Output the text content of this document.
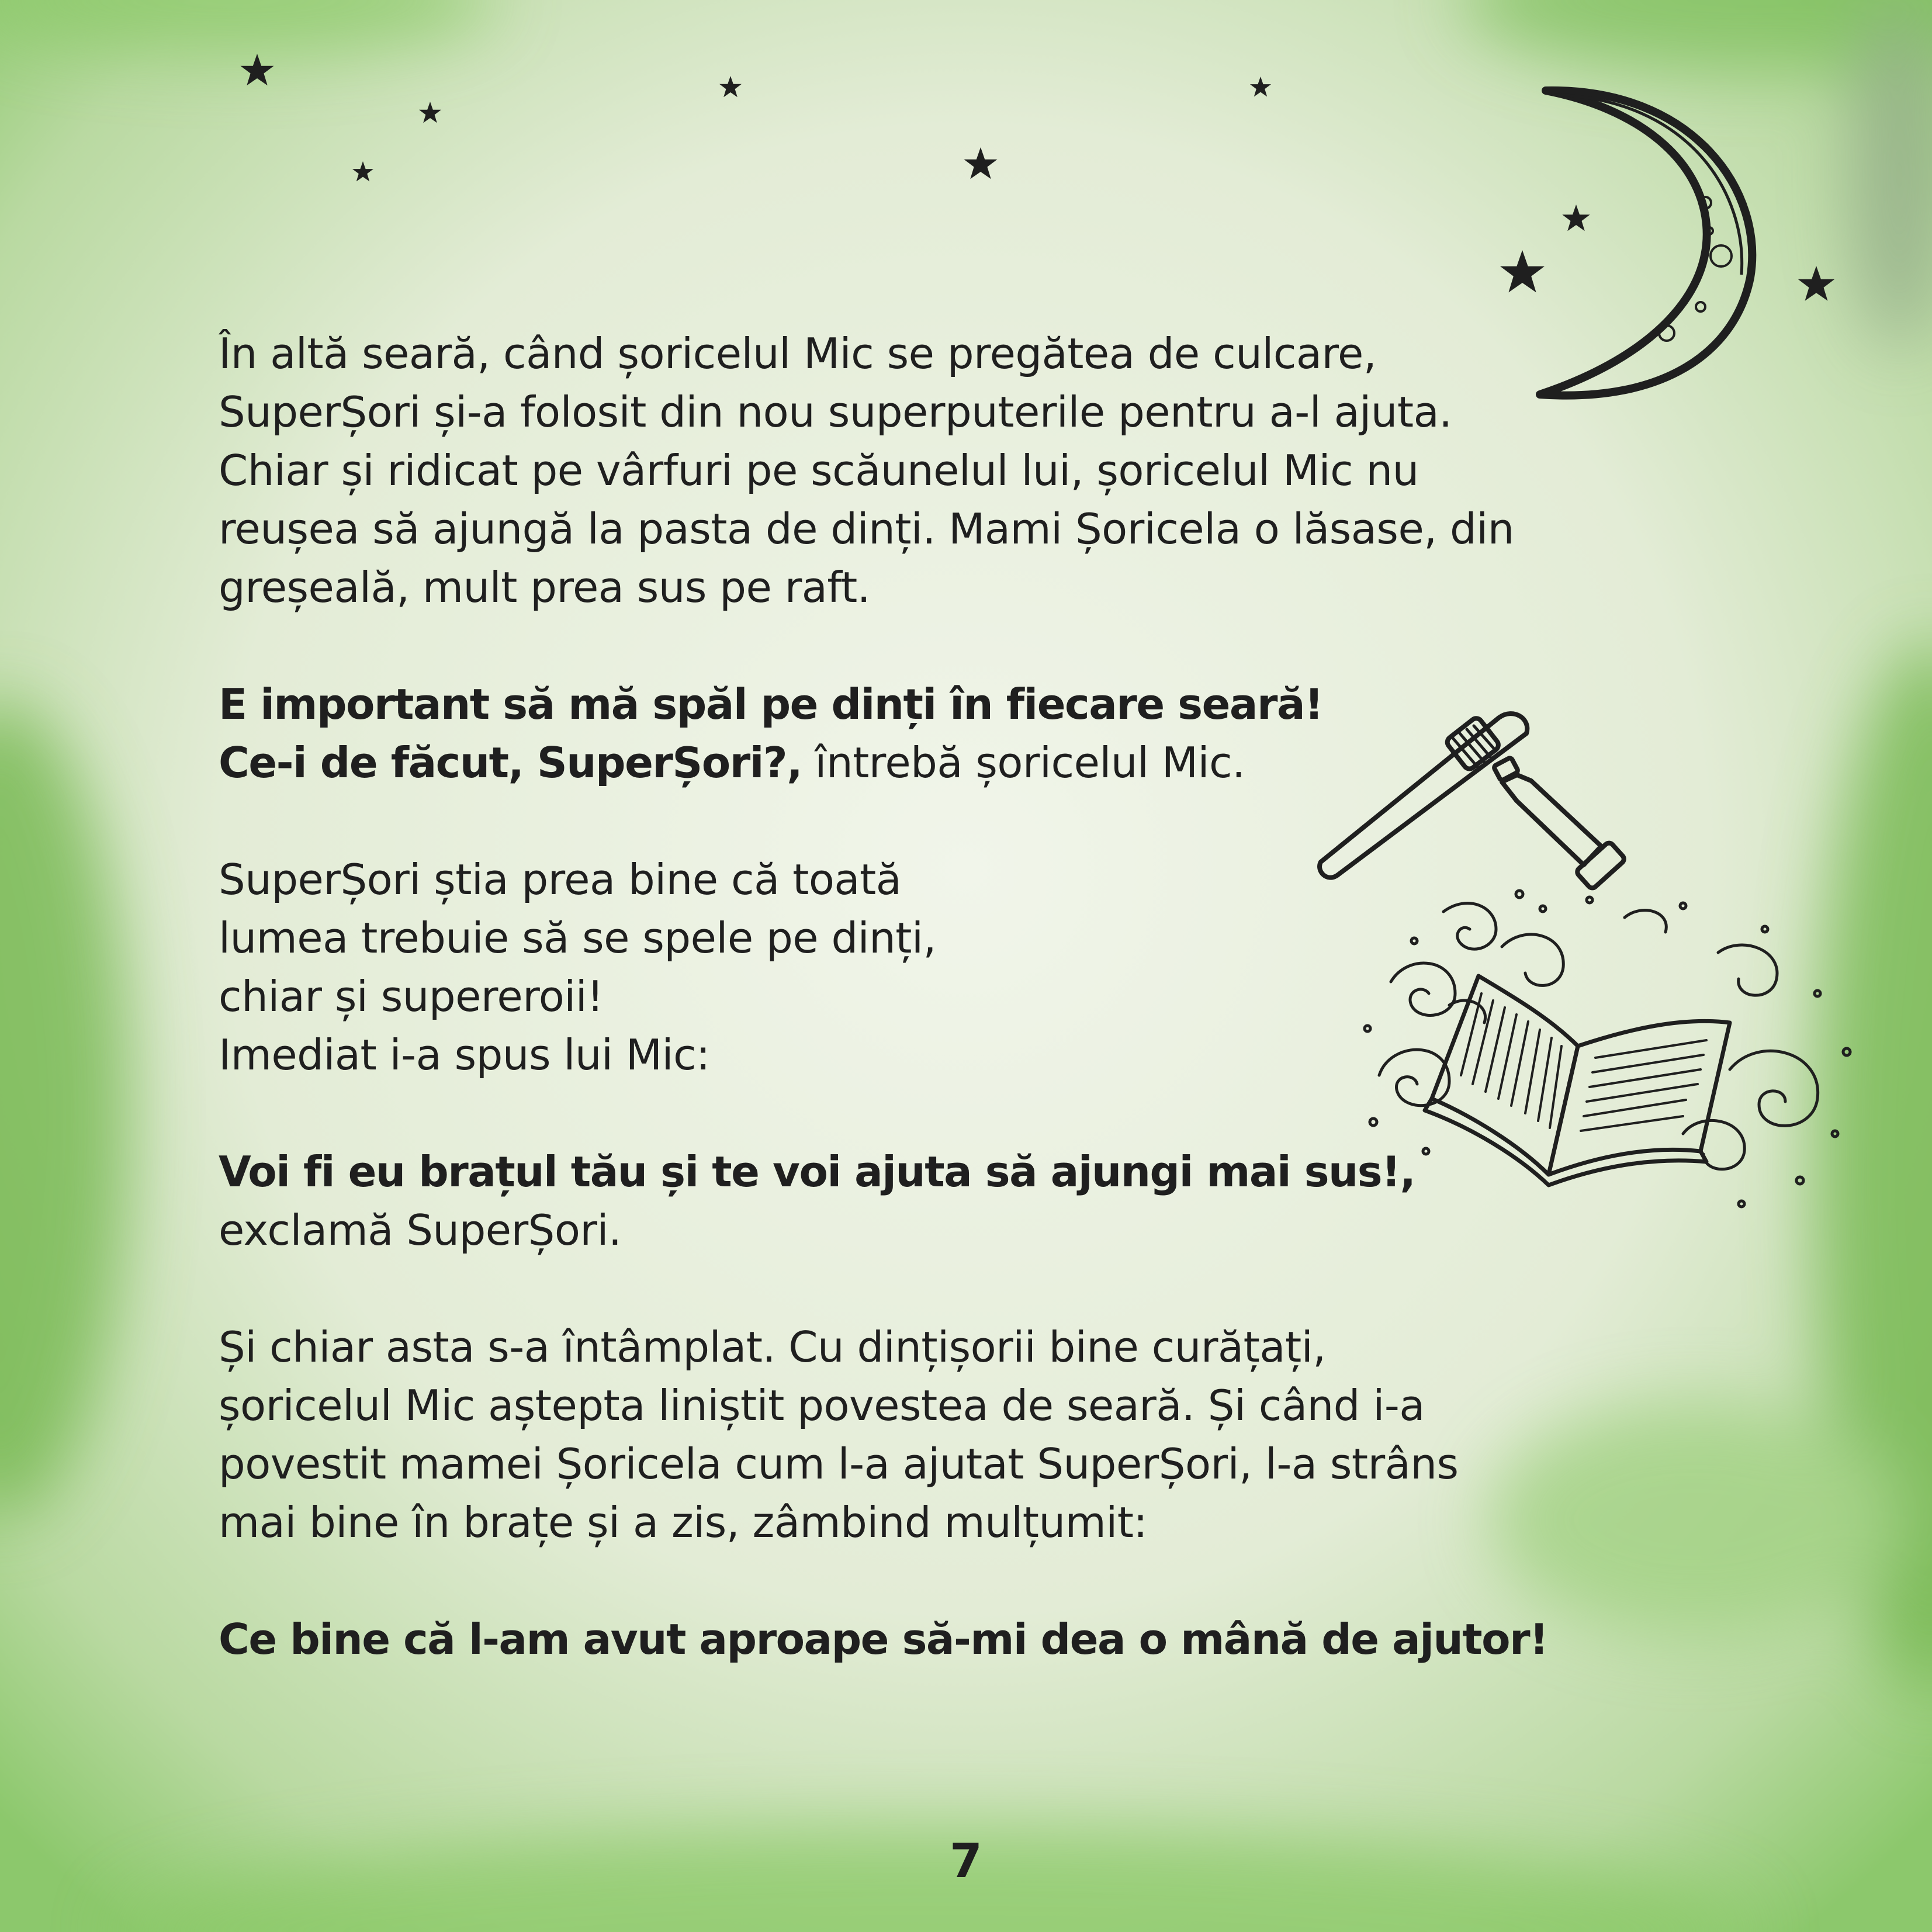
În altă seară, când șoricelul Mic se pregătea de culcare,

SuperȘori și-a folosit din nou superputerile pentru a-l ajuta.

Chiar și ridicat pe vârfuri pe scăunelul lui, șoricelul Mic nu

reușea să ajungă la pasta de dinți. Mami Șoricela o lăsase, din

greșeală, mult prea sus pe raft.

E important să mă spăl pe dinți în fiecare seară!

Ce-i de făcut, SuperȘori?, întrebă șoricelul Mic.

SuperȘori știa prea bine că toată

lumea trebuie să se spele pe dinți,

chiar și supereroii!

Imediat i-a spus lui Mic:

Voi fi eu brațul tău și te voi ajuta să ajungi mai sus!,

exclamă SuperȘori.

Și chiar asta s-a întâmplat. Cu dințișorii bine curățați,

șoricelul Mic aștepta liniștit povestea de seară. Și când i-a

povestit mamei Șoricela cum l-a ajutat SuperȘori, l-a strâns

mai bine în brațe și a zis, zâmbind mulțumit:

Ce bine că l-am avut aproape să-mi dea o mână de ajutor!

7
